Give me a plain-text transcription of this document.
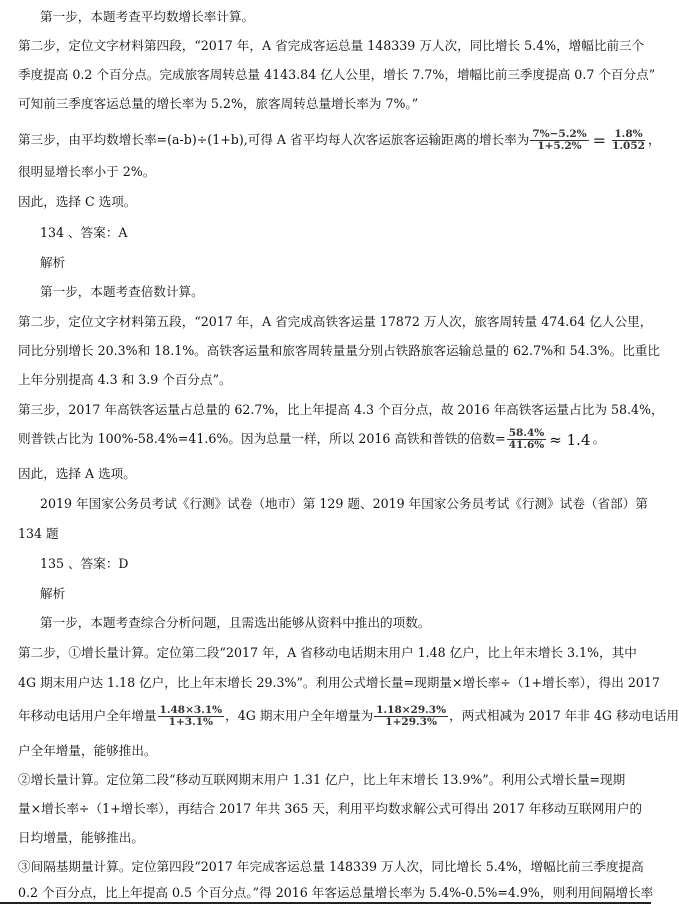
第一步，本题考查平均数增长率计算。
第二步，定位文字材料第四段，“2017 年，A 省完成客运总量 148339 万人次，同比增长 5.4%，增幅比前三个
季度提高 0.2 个百分点。完成旅客周转总量 4143.84 亿人公里，增长 7.7%，增幅比前三季度提高 0.7 个百分点”
可知前三季度客运总量的增长率为 5.2%，旅客周转总量增长率为 7%。”
第三步，由平均数增长率=(a-b)÷(1+b),可得 A 省平均每人次客运旅客运输距离的增长率为 $\frac{7\%-5.2\%}{1+5.2\%} = \frac{1.8\%}{1.052}$ ，
很明显增长率小于 2%。
因此，选择 C 选项。
134 、答案：A
解析
第一步，本题考查倍数计算。
第二步，定位文字材料第五段，“2017 年，A 省完成高铁客运量 17872 万人次，旅客周转量 474.64 亿人公里，
同比分别增长 20.3%和 18.1%。高铁客运量和旅客周转量量分别占铁路旅客运输总量的 62.7%和 54.3%。比重比
上年分别提高 4.3 和 3.9 个百分点”。
第三步，2017 年高铁客运量占总量的 62.7%，比上年提高 4.3 个百分点，故 2016 年高铁客运量占比为 58.4%，
则普铁占比为 100%-58.4%=41.6%。因为总量一样，所以 2016 高铁和普铁的倍数= $\frac{58.4\%}{41.6\%} \approx 1.4$ 。
因此，选择 A 选项。
2019 年国家公务员考试《行测》试卷（地市）第 129 题、2019 年国家公务员考试《行测》试卷（省部）第
134 题
135 、答案：D
解析
第一步，本题考查综合分析问题，且需选出能够从资料中推出的项数。
第二步，①增长量计算。定位第二段“2017 年，A 省移动电话期末用户 1.48 亿户，比上年末增长 3.1%，其中
4G 期末用户达 1.18 亿户，比上年末增长 29.3%”。利用公式增长量=现期量×增长率÷（1+增长率），得出 2017
年移动电话用户全年增量 $\frac{1.48\times 3.1\%}{1+3.1\%}$ ，4G 期末用户全年增量为 $\frac{1.18\times 29.3\%}{1+29.3\%}$ ，两式相减为 2017 年非 4G 移动电话用
户全年增量，能够推出。
②增长量计算。定位第二段“移动互联网期末用户 1.31 亿户，比上年末增长 13.9%”。利用公式增长量=现期
量×增长率÷（1+增长率），再结合 2017 年共 365 天，利用平均数求解公式可得出 2017 年移动互联网用户的
日均增量，能够推出。
③间隔基期量计算。定位第四段“2017 年完成客运总量 148339 万人次，同比增长 5.4%，增幅比前三季度提高
0.2 个百分点，比上年提高 0.5 个百分点。”得 2016 年客运总量增长率为 5.4%-0.5%=4.9%，则利用间隔增长率
